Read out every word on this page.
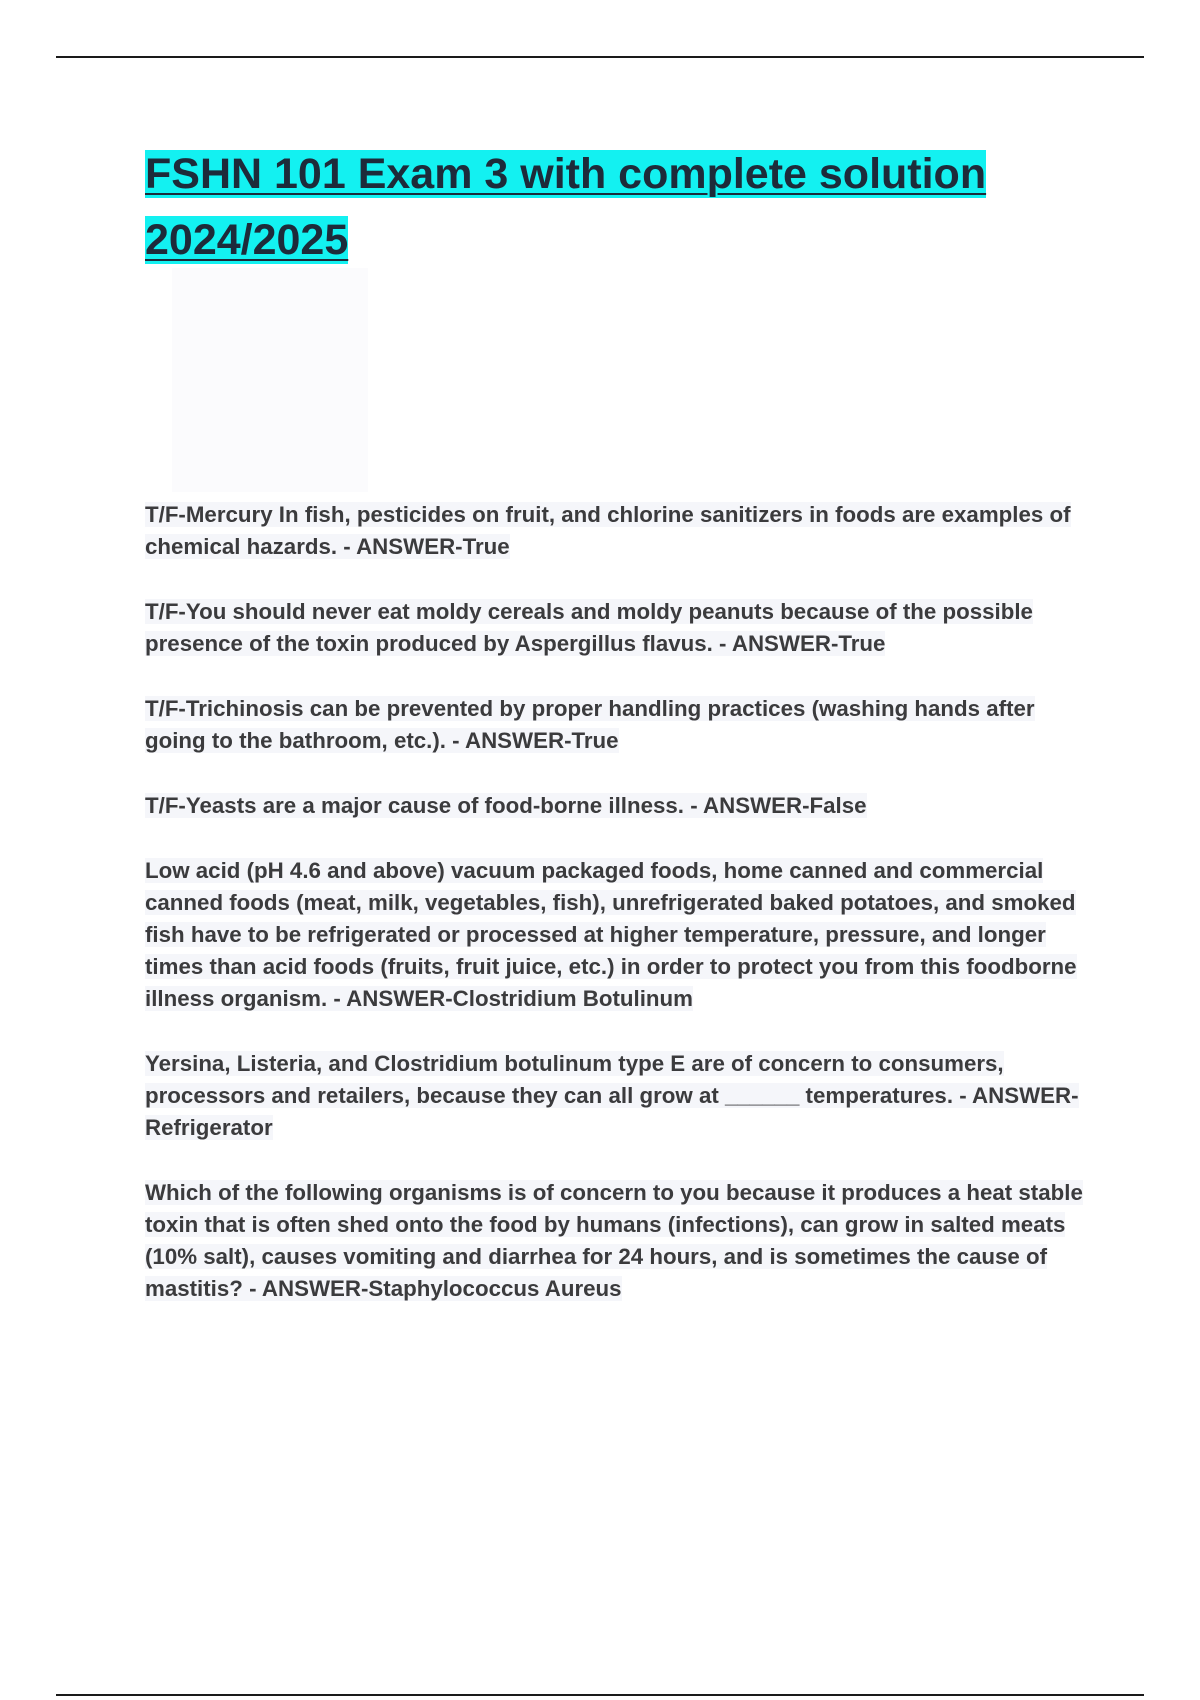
FSHN 101 Exam 3 with complete solution 2024/2025

T/F-Mercury In fish, pesticides on fruit, and chlorine sanitizers in foods are examples of chemical hazards. - ANSWER-True

T/F-You should never eat moldy cereals and moldy peanuts because of the possible presence of the toxin produced by Aspergillus flavus. - ANSWER-True

T/F-Trichinosis can be prevented by proper handling practices (washing hands after going to the bathroom, etc.). - ANSWER-True

T/F-Yeasts are a major cause of food-borne illness. - ANSWER-False

Low acid (pH 4.6 and above) vacuum packaged foods, home canned and commercial canned foods (meat, milk, vegetables, fish), unrefrigerated baked potatoes, and smoked fish have to be refrigerated or processed at higher temperature, pressure, and longer times than acid foods (fruits, fruit juice, etc.) in order to protect you from this foodborne illness organism. - ANSWER-Clostridium Botulinum

Yersina, Listeria, and Clostridium botulinum type E are of concern to consumers, processors and retailers, because they can all grow at ______ temperatures. - ANSWER-Refrigerator

Which of the following organisms is of concern to you because it produces a heat stable toxin that is often shed onto the food by humans (infections), can grow in salted meats (10% salt), causes vomiting and diarrhea for 24 hours, and is sometimes the cause of mastitis? - ANSWER-Staphylococcus Aureus
